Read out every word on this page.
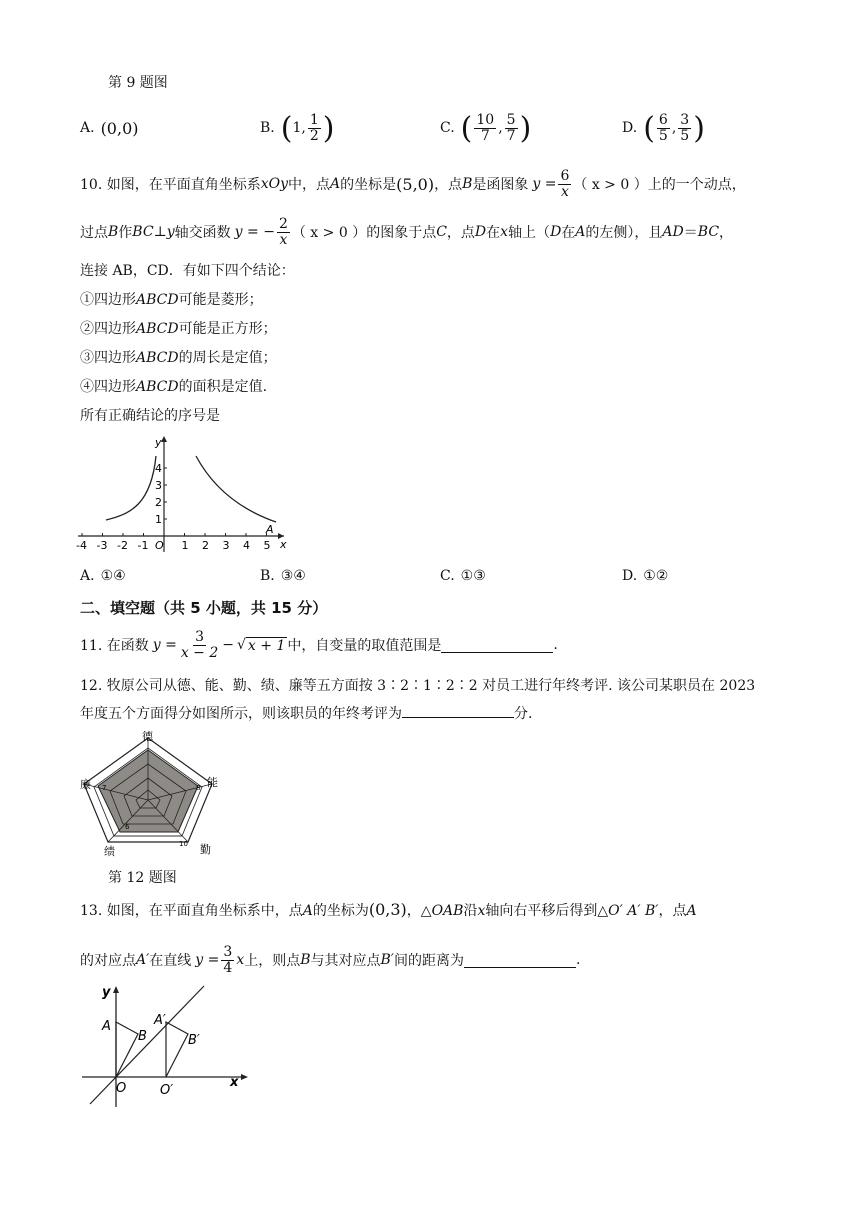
第 9 题图
A. (0,0)	B. ( 1, $\frac{1}{2}$ )	C. ( $\frac{10}{7}$ , $\frac{5}{7}$ )	D. ( $\frac{6}{5}$ , $\frac{3}{5}$ )
10. 如图，在平面直角坐标系 xOy 中，点 A 的坐标是 (5,0) ，点 B 是函图象 $y = \frac{6}{x}$ （ x > 0 ）上的一个动点，
过点 B 作 BC ⊥ y 轴交函数 y = − $\frac{2}{x}$ （ x > 0 ）的图象于点 C ，点 D 在 x 轴上（ D 在 A 的左侧），且 AD ＝ BC ，
连接 AB，CD．有如下四个结论：
①四边形ABCD可能是菱形；
②四边形ABCD可能是正方形；
③四边形ABCD的周长是定值；
④四边形ABCD的面积是定值.
所有正确结论的序号是
-4 -3 -2 -1 O 1 2 3 4 5
1
2
3
4
x
y
A
A. ①④	B. ③④	C. ①③	D. ①②
二、填空题（共 5 小题，共 15 分）
11. 在函数 $y = \frac{3}{x - 2}$ − √ x + 1 中，自变量的取值范围是	.
12. 牧原公司从德、能、勤、绩、廉等五方面按 3∶2∶1∶2∶2 对员工进行年终考评. 该公司某职员在 2023
年度五个方面得分如图所示，则该职员的年终考评为	分.
德
能
勤
绩
廉	8
10
6
7
第 12 题图
13. 如图，在平面直角坐标系中，点A的坐标为(0,3)，△OAB沿x轴向右平移后得到△O′ A′ B′，点A
的对应点 A′ 在直线 $y = \frac{3}{4}$ x 上，则点 B 与其对应点 B′ 间的距离为	.
y
A
B
A′
B′
O	O′
x
